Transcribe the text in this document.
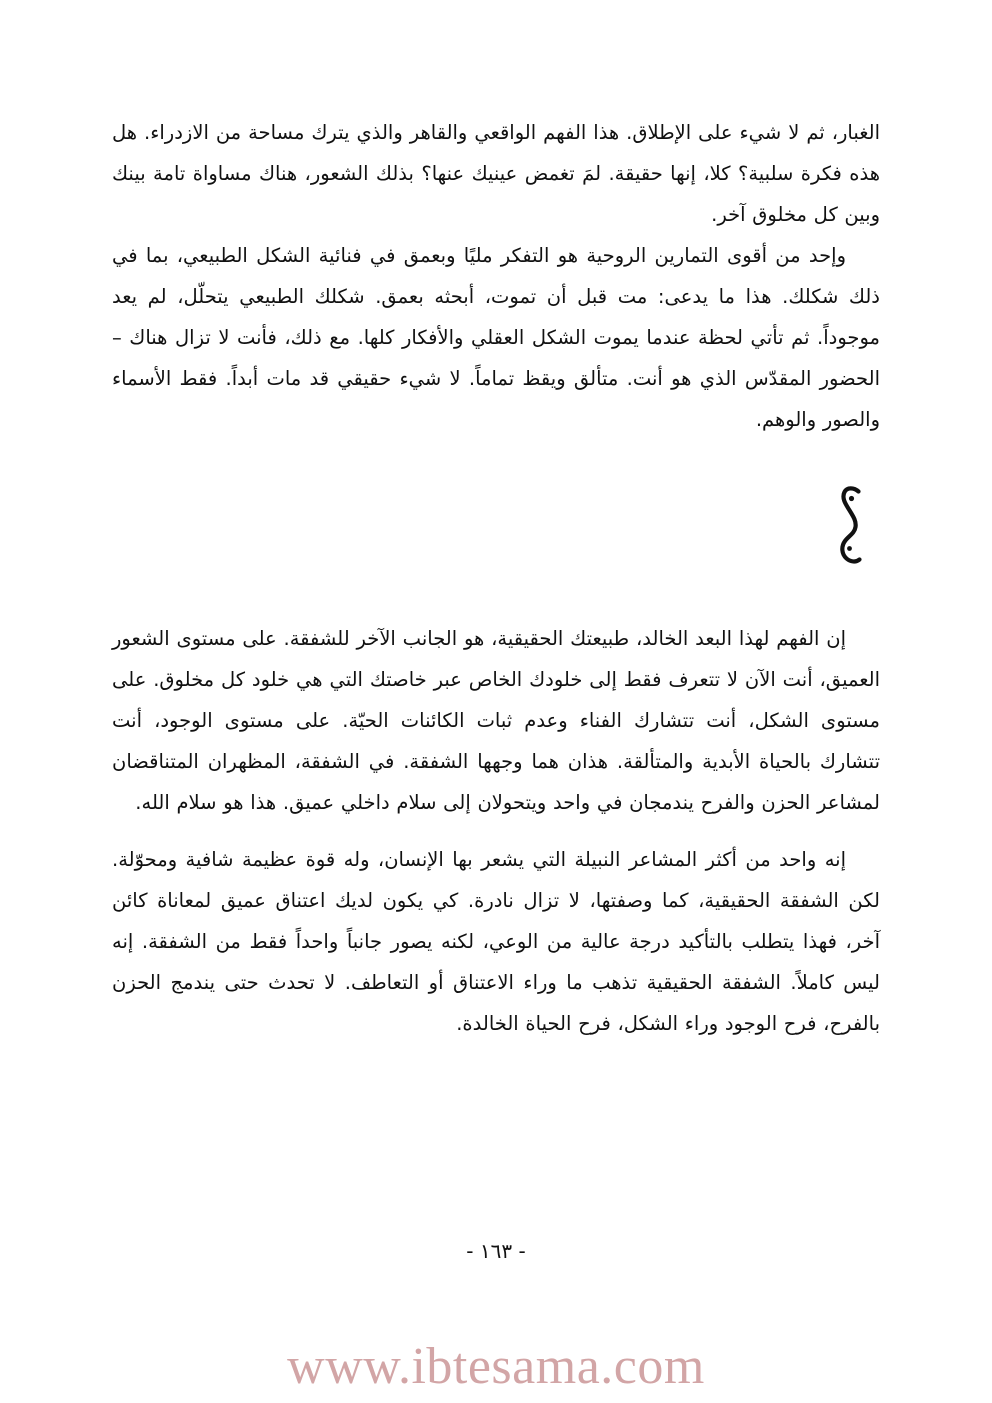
الغبار، ثم لا شيء على الإطلاق. هذا الفهم الواقعي والقاهر والذي يترك مساحة من الازدراء. هل هذه فكرة سلبية؟ كلا، إنها حقيقة. لمَ تغمض عينيك عنها؟ بذلك الشعور، هناك مساواة تامة بينك وبين كل مخلوق آخر.

وإحد من أقوى التمارين الروحية هو التفكر مليًا وبعمق في فنائية الشكل الطبيعي، بما في ذلك شكلك. هذا ما يدعى: مت قبل أن تموت، أبحثه بعمق. شكلك الطبيعي يتحلّل، لم يعد موجوداً. ثم تأتي لحظة عندما يموت الشكل العقلي والأفكار كلها. مع ذلك، فأنت لا تزال هناك – الحضور المقدّس الذي هو أنت. متألق ويقظ تماماً. لا شيء حقيقي قد مات أبداً. فقط الأسماء والصور والوهم.

إن الفهم لهذا البعد الخالد، طبيعتك الحقيقية، هو الجانب الآخر للشفقة. على مستوى الشعور العميق، أنت الآن لا تتعرف فقط إلى خلودك الخاص عبر خاصتك التي هي خلود كل مخلوق. على مستوى الشكل، أنت تتشارك الفناء وعدم ثبات الكائنات الحيّة. على مستوى الوجود، أنت تتشارك بالحياة الأبدية والمتألقة. هذان هما وجهها الشفقة. في الشفقة، المظهران المتناقضان لمشاعر الحزن والفرح يندمجان في واحد ويتحولان إلى سلام داخلي عميق. هذا هو سلام الله.

إنه واحد من أكثر المشاعر النبيلة التي يشعر بها الإنسان، وله قوة عظيمة شافية ومحوّلة. لكن الشفقة الحقيقية، كما وصفتها، لا تزال نادرة. كي يكون لديك اعتناق عميق لمعاناة كائن آخر، فهذا يتطلب بالتأكيد درجة عالية من الوعي، لكنه يصور جانباً واحداً فقط من الشفقة. إنه ليس كاملاً. الشفقة الحقيقية تذهب ما وراء الاعتناق أو التعاطف. لا تحدث حتى يندمج الحزن بالفرح، فرح الوجود وراء الشكل، فرح الحياة الخالدة.

- ١٦٣ -
www.ibtesama.com
